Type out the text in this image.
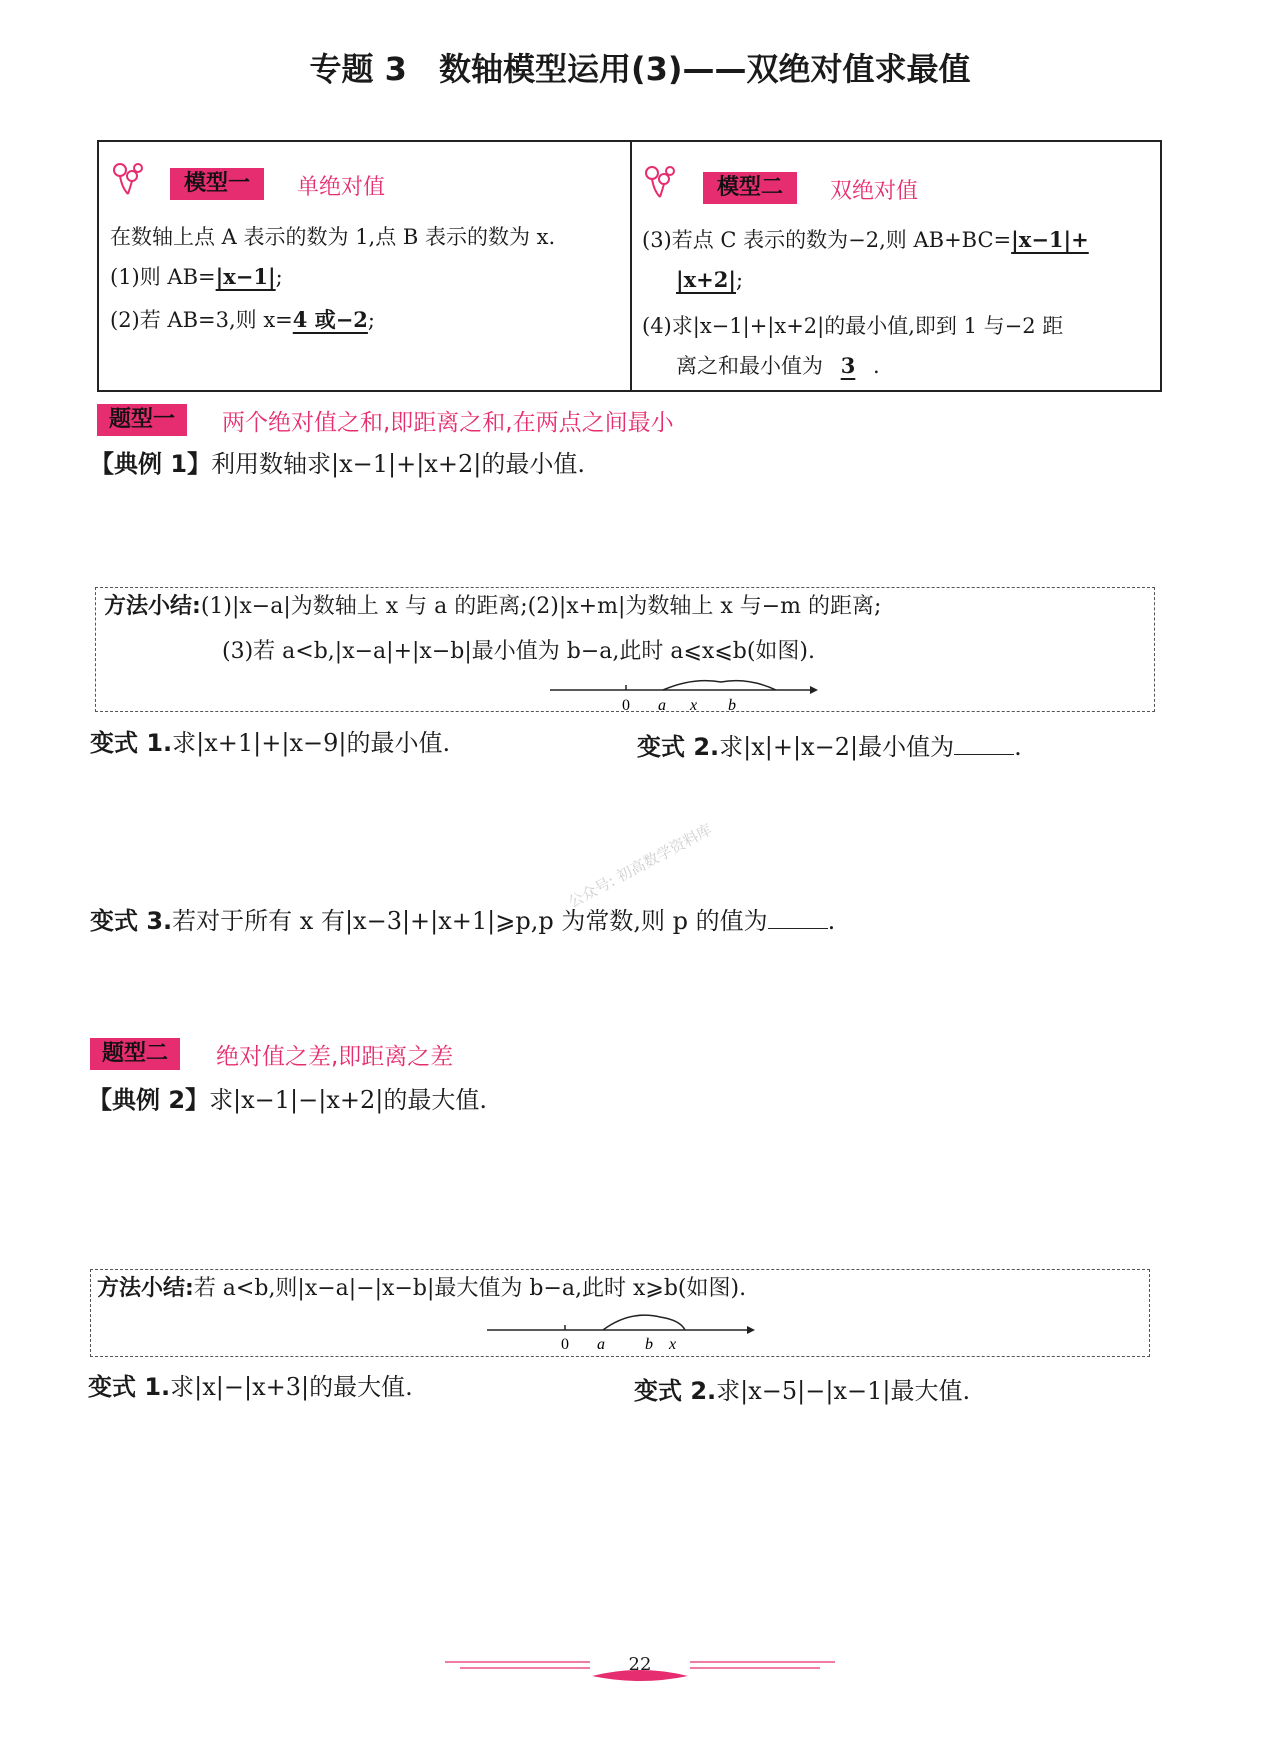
专题 3　数轴模型运用(3)——双绝对值求最值
模型一	单绝对值
在数轴上点 A 表示的数为 1,点 B 表示的数为 x.
(1)则 AB=|x−1|;
(2)若 AB=3,则 x=4 或−2;
模型二	双绝对值
(3)若点 C 表示的数为−2,则 AB+BC=|x−1|+
|x+2|;
(4)求|x−1|+|x+2|的最小值,即到 1 与−2 距
离之和最小值为 3 .
题型一	两个绝对值之和,即距离之和,在两点之间最小
【典例 1】利用数轴求|x−1|+|x+2|的最小值.
方法小结:(1)|x−a|为数轴上 x 与 a 的距离;(2)|x+m|为数轴上 x 与−m 的距离;
(3)若 a<b,|x−a|+|x−b|最小值为 b−a,此时 a⩽x⩽b(如图).
0 a x b
变式 1.求|x+1|+|x−9|的最小值.	变式 2.求|x|+|x−2|最小值为	.
公众号: 初高数学资料库
变式 3.若对于所有 x 有|x−3|+|x+1|⩾p,p 为常数,则 p 的值为	.
题型二	绝对值之差,即距离之差
【典例 2】求|x−1|−|x+2|的最大值.
方法小结:若 a<b,则|x−a|−|x−b|最大值为 b−a,此时 x⩾b(如图).
0 a	b x
变式 1.求|x|−|x+3|的最大值.	变式 2.求|x−5|−|x−1|最大值.
22
